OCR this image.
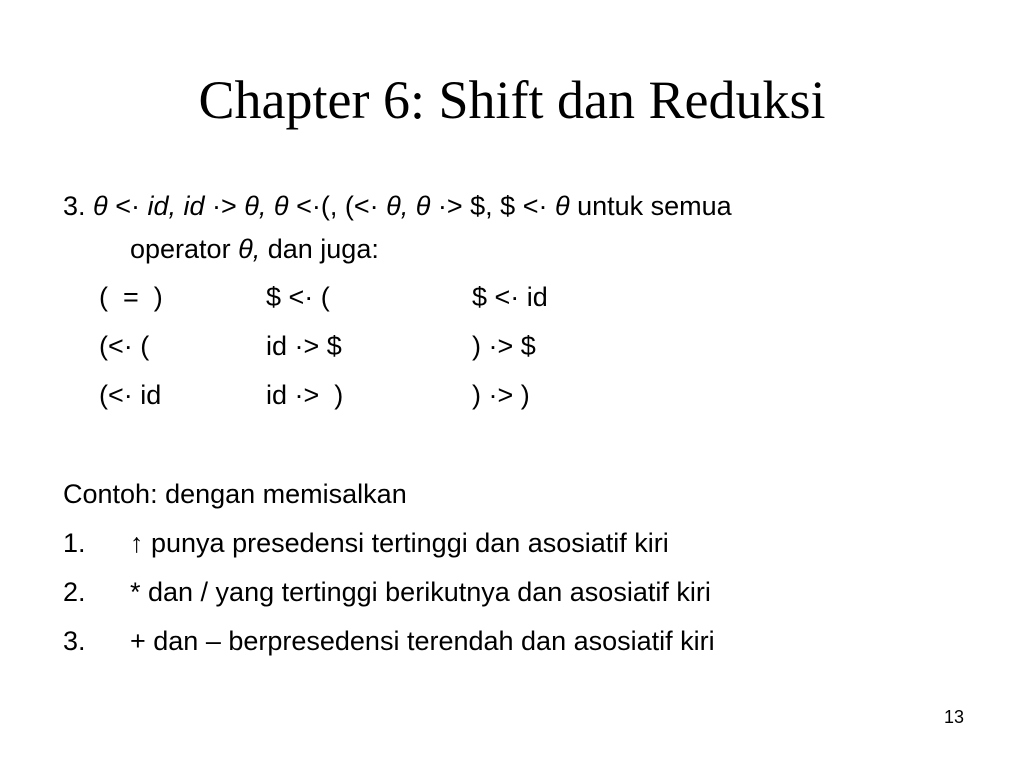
Chapter 6: Shift dan Reduksi
3. θ <· id, id ·> θ, θ <·(, (<· θ, θ ·> $, $ <· θ untuk semua
operator θ, dan juga:
(  =  )	$ <· (	$ <· id
(<· (	id ·> $	) ·> $
(<· id	id ·>  )	) ·> )
Contoh: dengan memisalkan
1. ↑ punya presedensi tertinggi dan asosiatif kiri
2. * dan / yang tertinggi berikutnya dan asosiatif kiri
3. + dan – berpresedensi terendah dan asosiatif kiri
13
